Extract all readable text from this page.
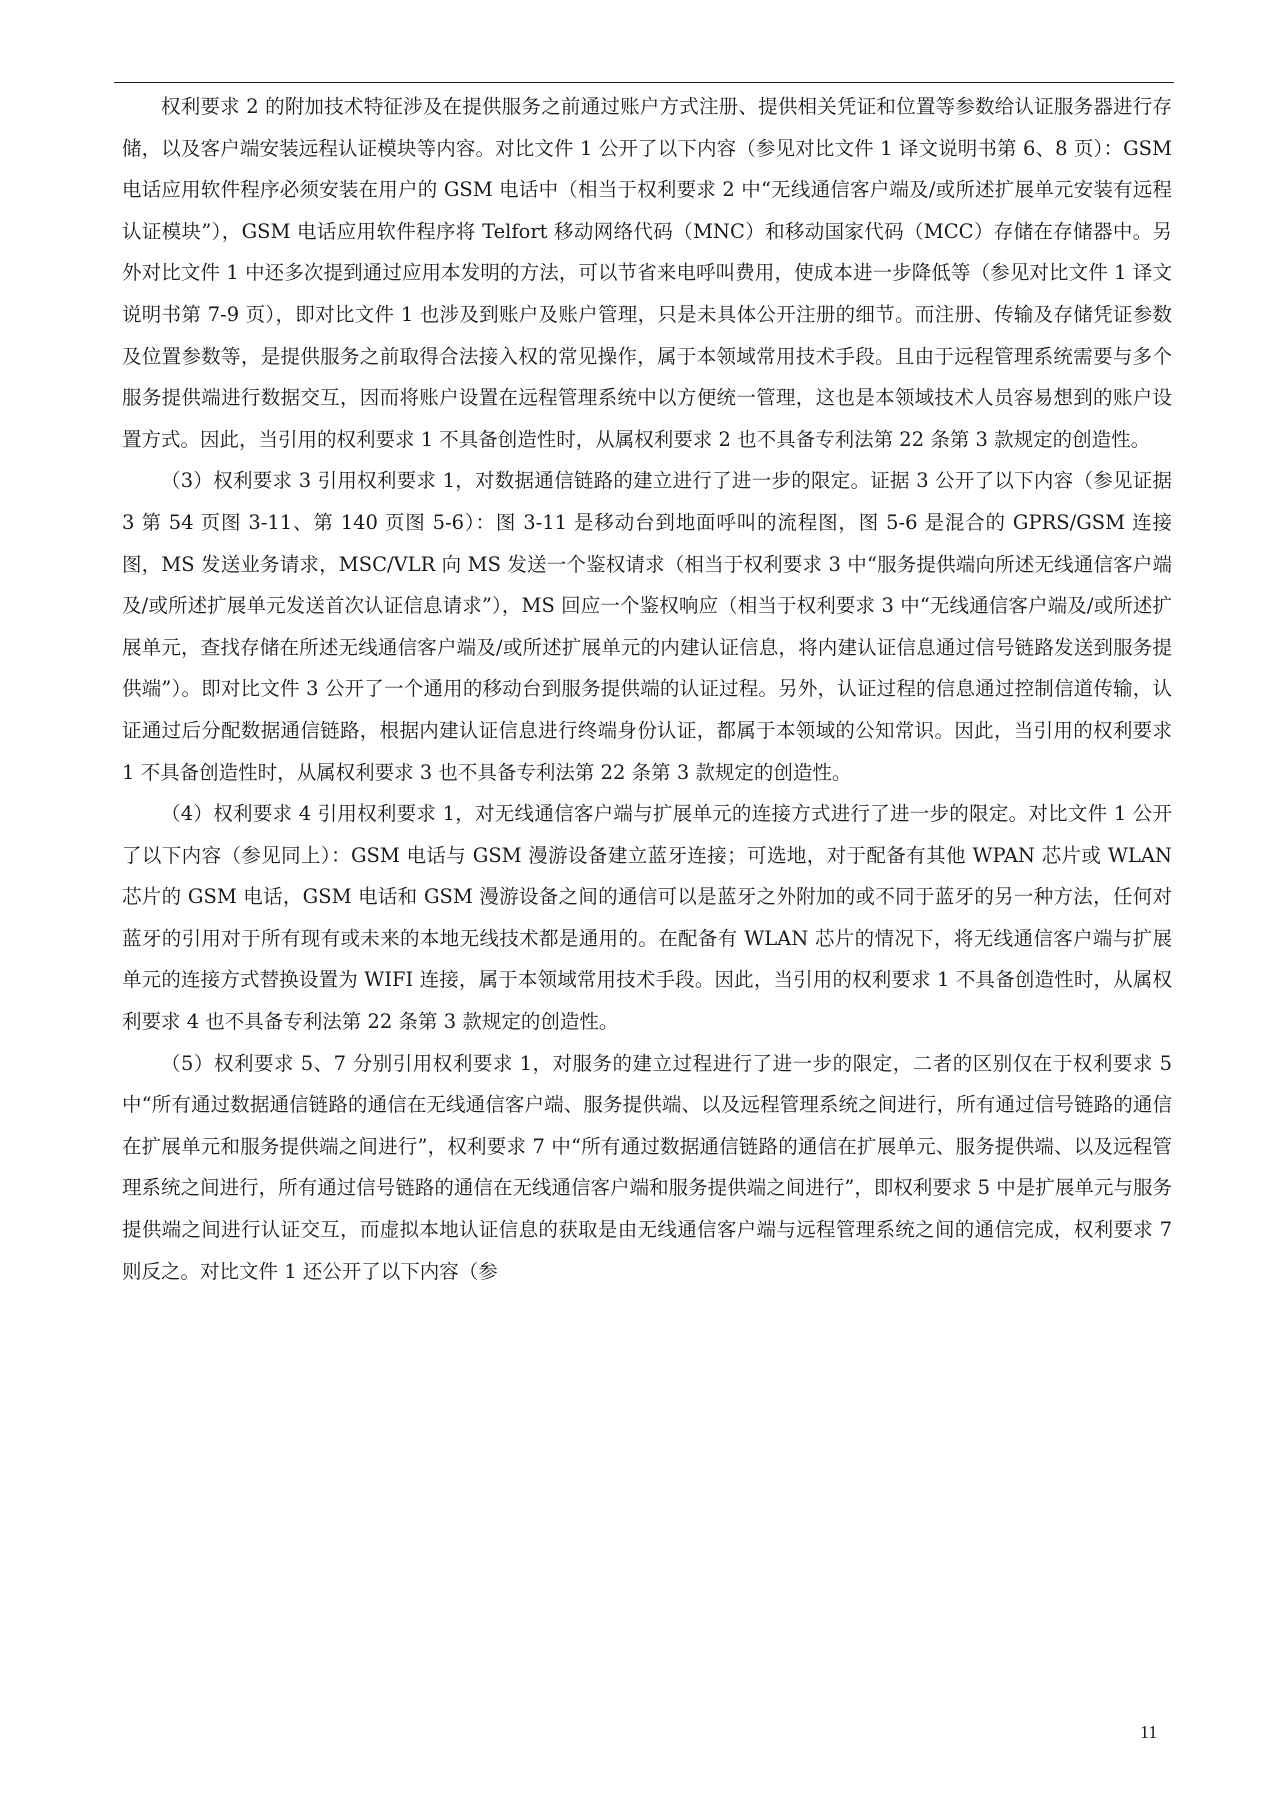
权利要求 2 的附加技术特征涉及在提供服务之前通过账户方式注册、提供相关凭证和位置等参数给认证服务器进行存储，以及客户端安装远程认证模块等内容。对比文件 1 公开了以下内容（参见对比文件 1 译文说明书第 6、8 页）：GSM 电话应用软件程序必须安装在用户的 GSM 电话中（相当于权利要求 2 中“无线通信客户端及/或所述扩展单元安装有远程认证模块”），GSM 电话应用软件程序将 Telfort 移动网络代码（MNC）和移动国家代码（MCC）存储在存储器中。另外对比文件 1 中还多次提到通过应用本发明的方法，可以节省来电呼叫费用，使成本进一步降低等（参见对比文件 1 译文说明书第 7-9 页），即对比文件 1 也涉及到账户及账户管理，只是未具体公开注册的细节。而注册、传输及存储凭证参数及位置参数等，是提供服务之前取得合法接入权的常见操作，属于本领域常用技术手段。且由于远程管理系统需要与多个服务提供端进行数据交互，因而将账户设置在远程管理系统中以方便统一管理，这也是本领域技术人员容易想到的账户设置方式。因此，当引用的权利要求 1 不具备创造性时，从属权利要求 2 也不具备专利法第 22 条第 3 款规定的创造性。

（3）权利要求 3 引用权利要求 1，对数据通信链路的建立进行了进一步的限定。证据 3 公开了以下内容（参见证据 3 第 54 页图 3-11、第 140 页图 5-6）：图 3-11 是移动台到地面呼叫的流程图，图 5-6 是混合的 GPRS/GSM 连接图，MS 发送业务请求，MSC/VLR 向 MS 发送一个鉴权请求（相当于权利要求 3 中“服务提供端向所述无线通信客户端及/或所述扩展单元发送首次认证信息请求”），MS 回应一个鉴权响应（相当于权利要求 3 中“无线通信客户端及/或所述扩展单元，查找存储在所述无线通信客户端及/或所述扩展单元的内建认证信息，将内建认证信息通过信号链路发送到服务提供端”）。即对比文件 3 公开了一个通用的移动台到服务提供端的认证过程。另外，认证过程的信息通过控制信道传输，认证通过后分配数据通信链路，根据内建认证信息进行终端身份认证，都属于本领域的公知常识。因此，当引用的权利要求 1 不具备创造性时，从属权利要求 3 也不具备专利法第 22 条第 3 款规定的创造性。

（4）权利要求 4 引用权利要求 1，对无线通信客户端与扩展单元的连接方式进行了进一步的限定。对比文件 1 公开了以下内容（参见同上）：GSM 电话与 GSM 漫游设备建立蓝牙连接；可选地，对于配备有其他 WPAN 芯片或 WLAN 芯片的 GSM 电话，GSM 电话和 GSM 漫游设备之间的通信可以是蓝牙之外附加的或不同于蓝牙的另一种方法，任何对蓝牙的引用对于所有现有或未来的本地无线技术都是通用的。在配备有 WLAN 芯片的情况下，将无线通信客户端与扩展单元的连接方式替换设置为 WIFI 连接，属于本领域常用技术手段。因此，当引用的权利要求 1 不具备创造性时，从属权利要求 4 也不具备专利法第 22 条第 3 款规定的创造性。

（5）权利要求 5、7 分别引用权利要求 1，对服务的建立过程进行了进一步的限定，二者的区别仅在于权利要求 5 中“所有通过数据通信链路的通信在无线通信客户端、服务提供端、以及远程管理系统之间进行，所有通过信号链路的通信在扩展单元和服务提供端之间进行”，权利要求 7 中“所有通过数据通信链路的通信在扩展单元、服务提供端、以及远程管理系统之间进行，所有通过信号链路的通信在无线通信客户端和服务提供端之间进行”，即权利要求 5 中是扩展单元与服务提供端之间进行认证交互，而虚拟本地认证信息的获取是由无线通信客户端与远程管理系统之间的通信完成，权利要求 7 则反之。对比文件 1 还公开了以下内容（参

11
